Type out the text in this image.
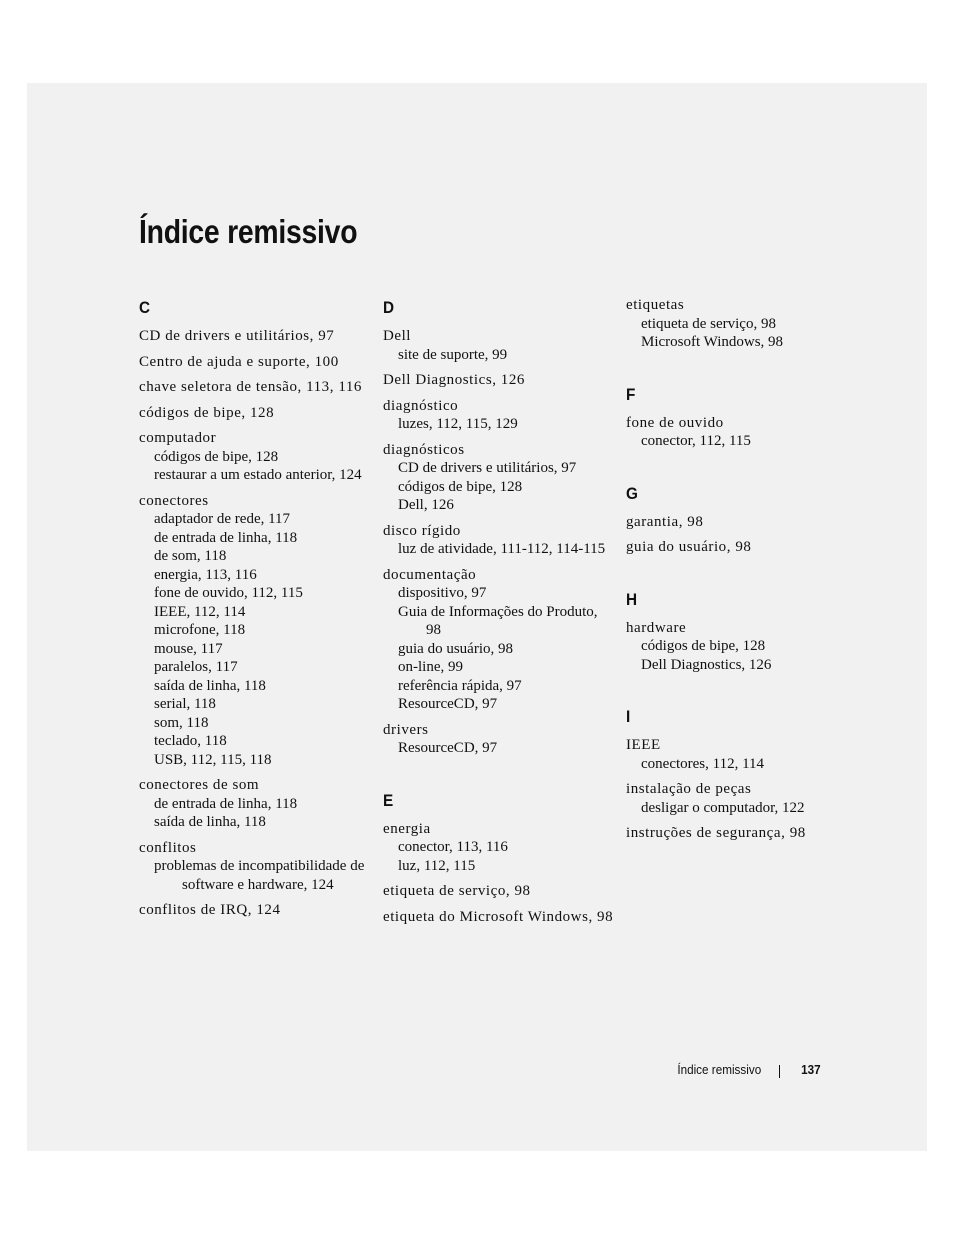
Índice remissivo
C
CD de drivers e utilitários, 97
Centro de ajuda e suporte, 100
chave seletora de tensão, 113, 116
códigos de bipe, 128
computador
códigos de bipe, 128
restaurar a um estado anterior, 124
conectores
adaptador de rede, 117
de entrada de linha, 118
de som, 118
energia, 113, 116
fone de ouvido, 112, 115
IEEE, 112, 114
microfone, 118
mouse, 117
paralelos, 117
saída de linha, 118
serial, 118
som, 118
teclado, 118
USB, 112, 115, 118
conectores de som
de entrada de linha, 118
saída de linha, 118
conflitos
problemas de incompatibilidade de software e hardware, 124
conflitos de IRQ, 124
D
Dell
site de suporte, 99
Dell Diagnostics, 126
diagnóstico
luzes, 112, 115, 129
diagnósticos
CD de drivers e utilitários, 97
códigos de bipe, 128
Dell, 126
disco rígido
luz de atividade, 111-112, 114-115
documentação
dispositivo, 97
Guia de Informações do Produto, 98
guia do usuário, 98
on-line, 99
referência rápida, 97
ResourceCD, 97
drivers
ResourceCD, 97
E
energia
conector, 113, 116
luz, 112, 115
etiqueta de serviço, 98
etiqueta do Microsoft Windows, 98
etiquetas
etiqueta de serviço, 98
Microsoft Windows, 98
F
fone de ouvido
conector, 112, 115
G
garantia, 98
guia do usuário, 98
H
hardware
códigos de bipe, 128
Dell Diagnostics, 126
I
IEEE
conectores, 112, 114
instalação de peças
desligar o computador, 122
instruções de segurança, 98
Índice remissivo	137
